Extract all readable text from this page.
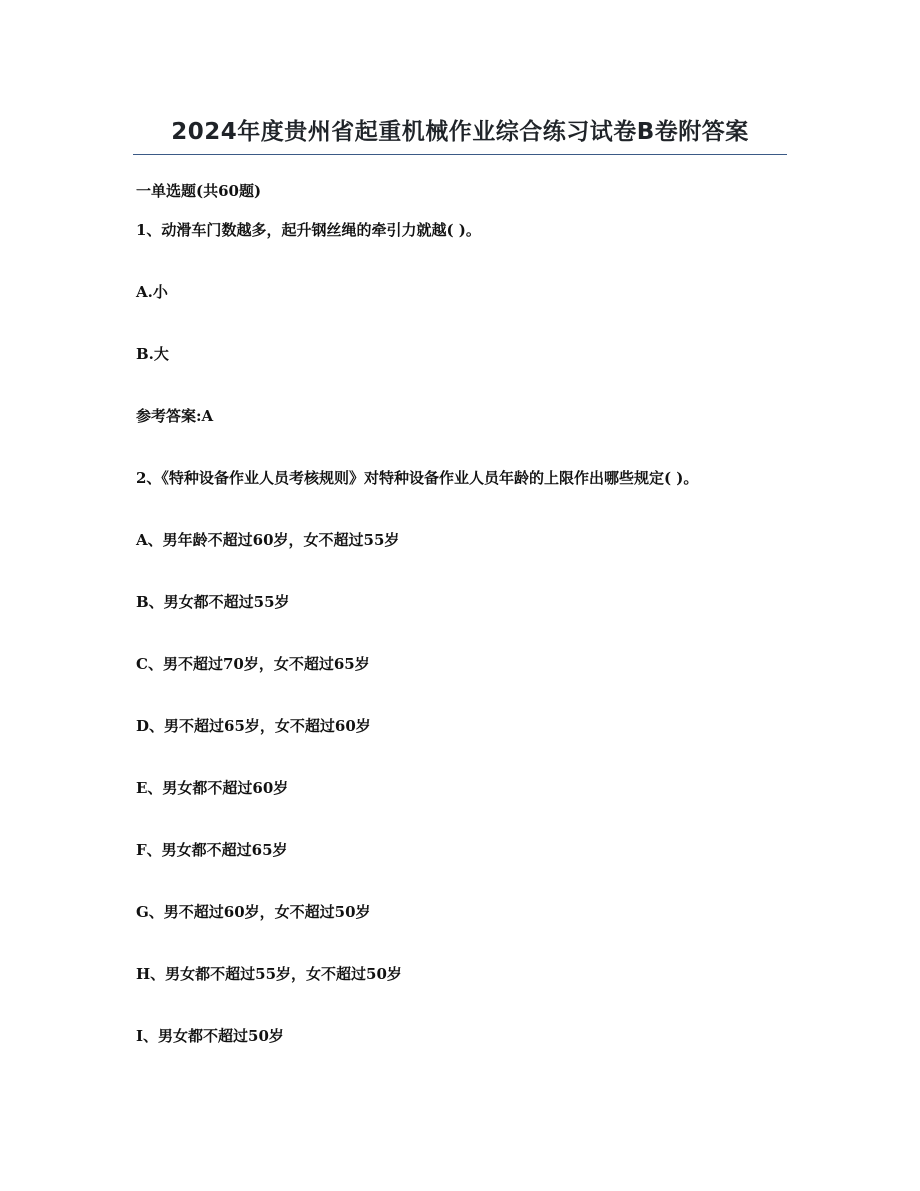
2024年度贵州省起重机械作业综合练习试卷B卷附答案
一单选题(共60题)
1、动滑车门数越多，起升钢丝绳的牵引力就越( )。
A.小
B.大
参考答案:A
2、《特种设备作业人员考核规则》对特种设备作业人员年龄的上限作出哪些规定( )。
A、男年龄不超过60岁，女不超过55岁
B、男女都不超过55岁
C、男不超过70岁，女不超过65岁
D、男不超过65岁，女不超过60岁
E、男女都不超过60岁
F、男女都不超过65岁
G、男不超过60岁，女不超过50岁
H、男女都不超过55岁，女不超过50岁
I、男女都不超过50岁
